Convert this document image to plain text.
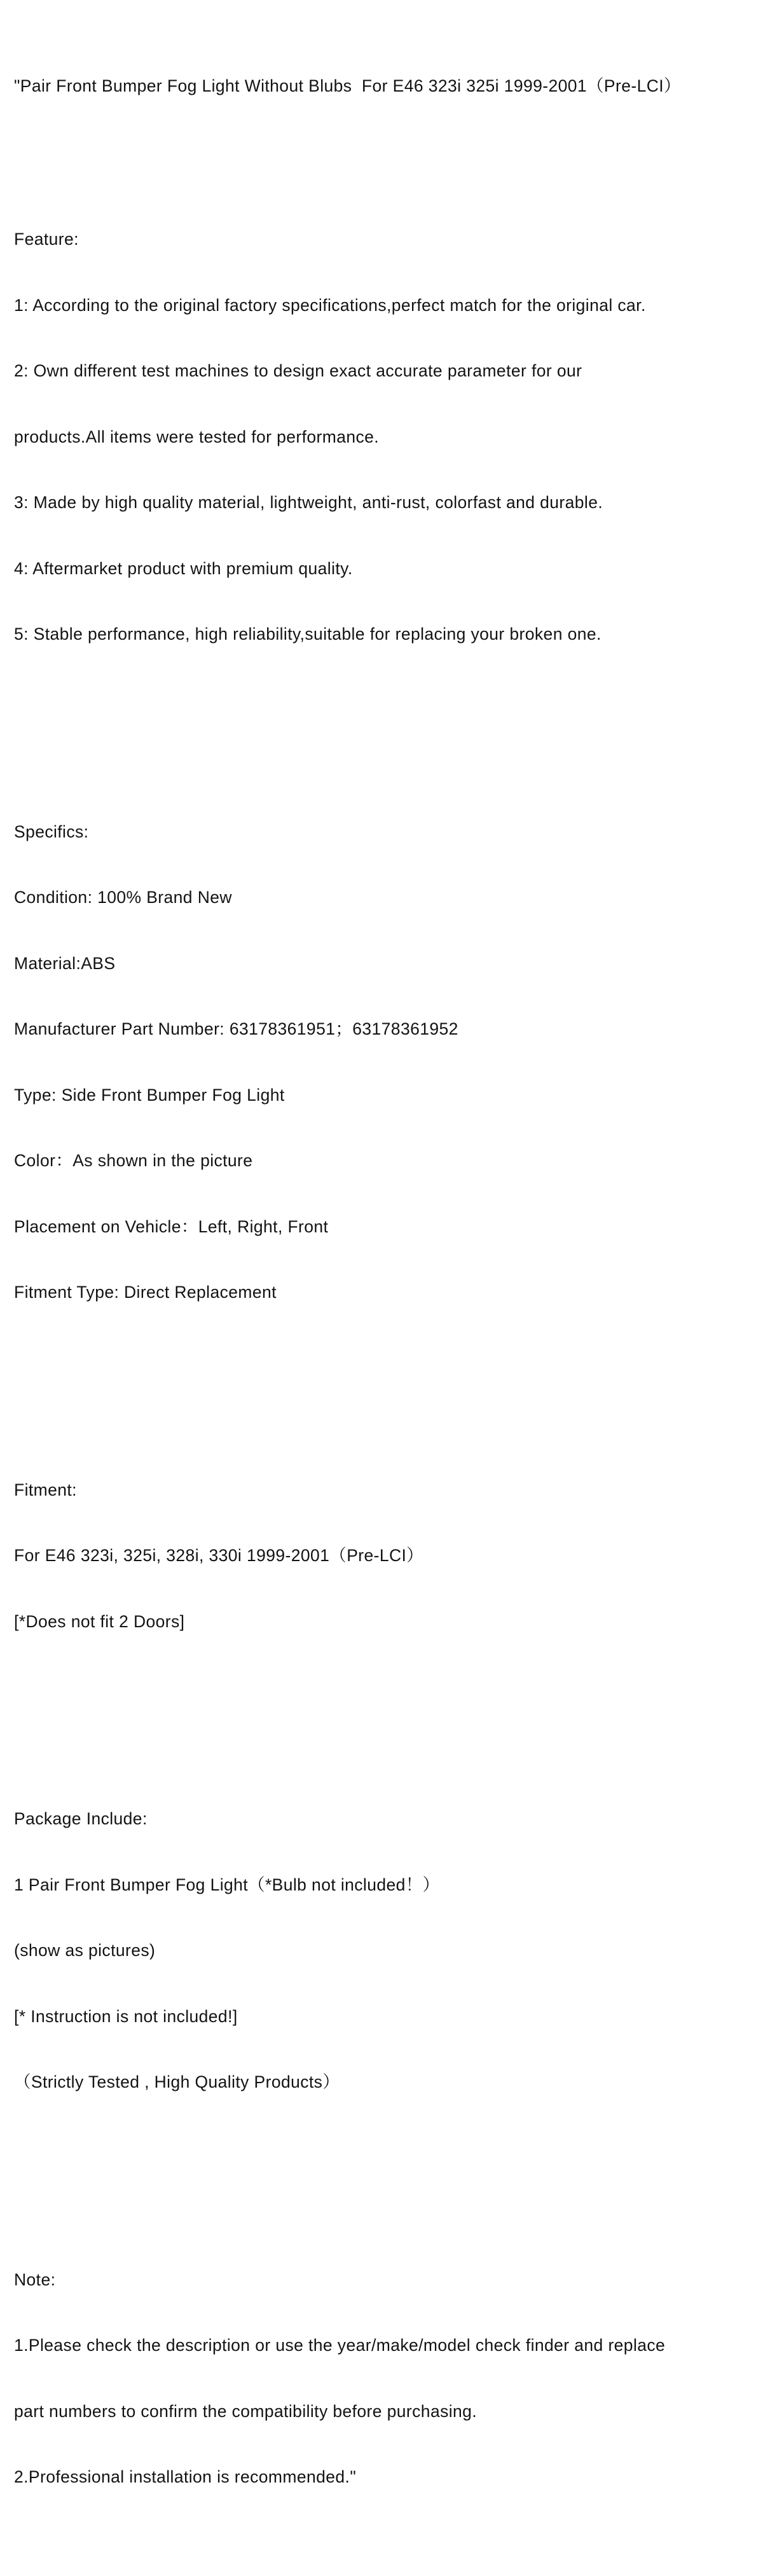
"Pair Front Bumper Fog Light Without Blubs  For E46 323i 325i 1999-2001（Pre-LCI）

Feature:

1: According to the original factory specifications,perfect match for the original car.

2: Own different test machines to design exact accurate parameter for our

products.All items were tested for performance.

3: Made by high quality material, lightweight, anti-rust, colorfast and durable.

4: Aftermarket product with premium quality.

5: Stable performance, high reliability,suitable for replacing your broken one.

Specifics:

Condition: 100% Brand New

Material:ABS

Manufacturer Part Number: 63178361951；63178361952

Type: Side Front Bumper Fog Light

Color：As shown in the picture

Placement on Vehicle：Left, Right, Front

Fitment Type: Direct Replacement

Fitment:

For E46 323i, 325i, 328i, 330i 1999-2001（Pre-LCI）

[*Does not fit 2 Doors]

Package Include:

1 Pair Front Bumper Fog Light（*Bulb not included！）

(show as pictures)

[* Instruction is not included!]

（Strictly Tested , High Quality Products）

Note:

1.Please check the description or use the year/make/model check finder and replace

part numbers to confirm the compatibility before purchasing.

2.Professional installation is recommended."
